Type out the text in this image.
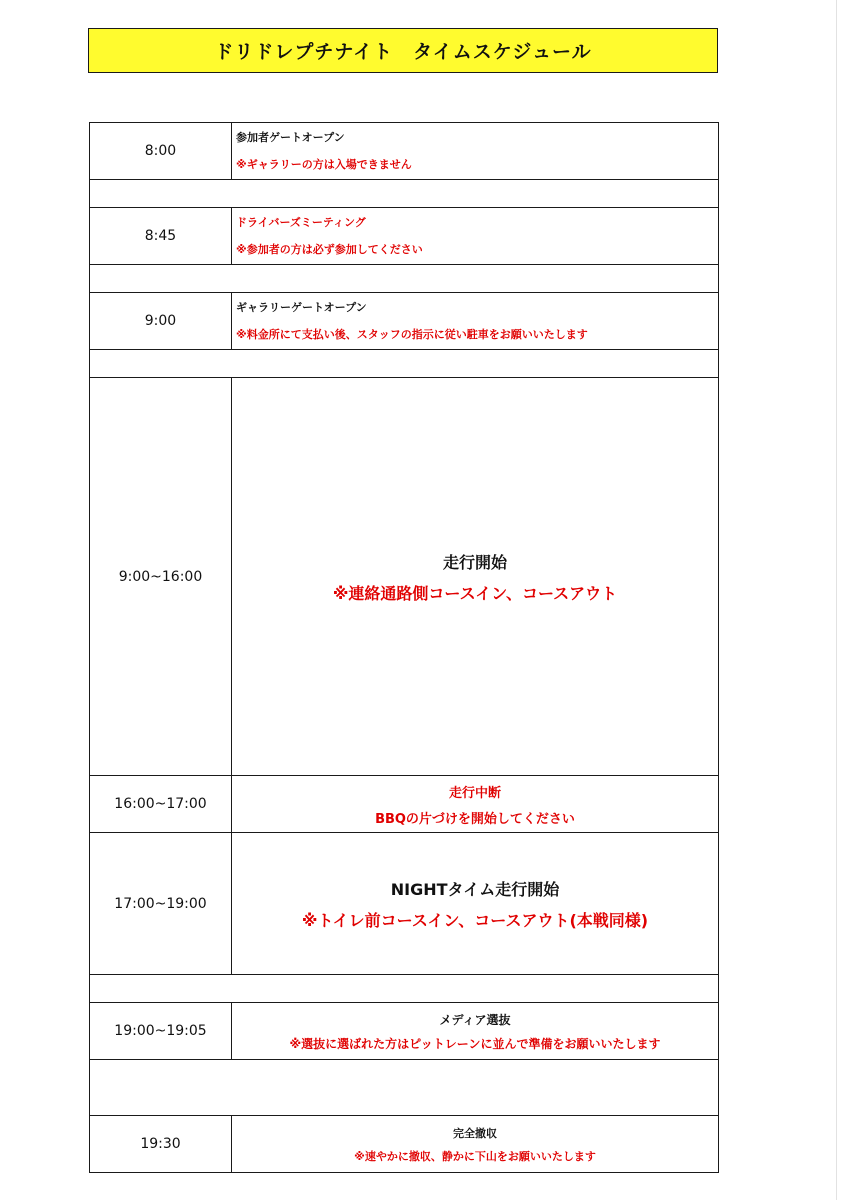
ドリドレプチナイト　タイムスケジュール
8:00
参加者ゲートオープン
※ギャラリーの方は入場できません
8:45
ドライバーズミーティング
※参加者の方は必ず参加してください
9:00
ギャラリーゲートオープン
※料金所にて支払い後、スタッフの指示に従い駐車をお願いいたします
9:00~16:00
走行開始
※連絡通路側コースイン、コースアウト
16:00~17:00
走行中断
BBQの片づけを開始してください
17:00~19:00
NIGHTタイム走行開始
※トイレ前コースイン、コースアウト(本戦同様)
19:00~19:05
メディア選抜
※選抜に選ばれた方はピットレーンに並んで準備をお願いいたします
19:30
完全撤収
※速やかに撤収、静かに下山をお願いいたします
